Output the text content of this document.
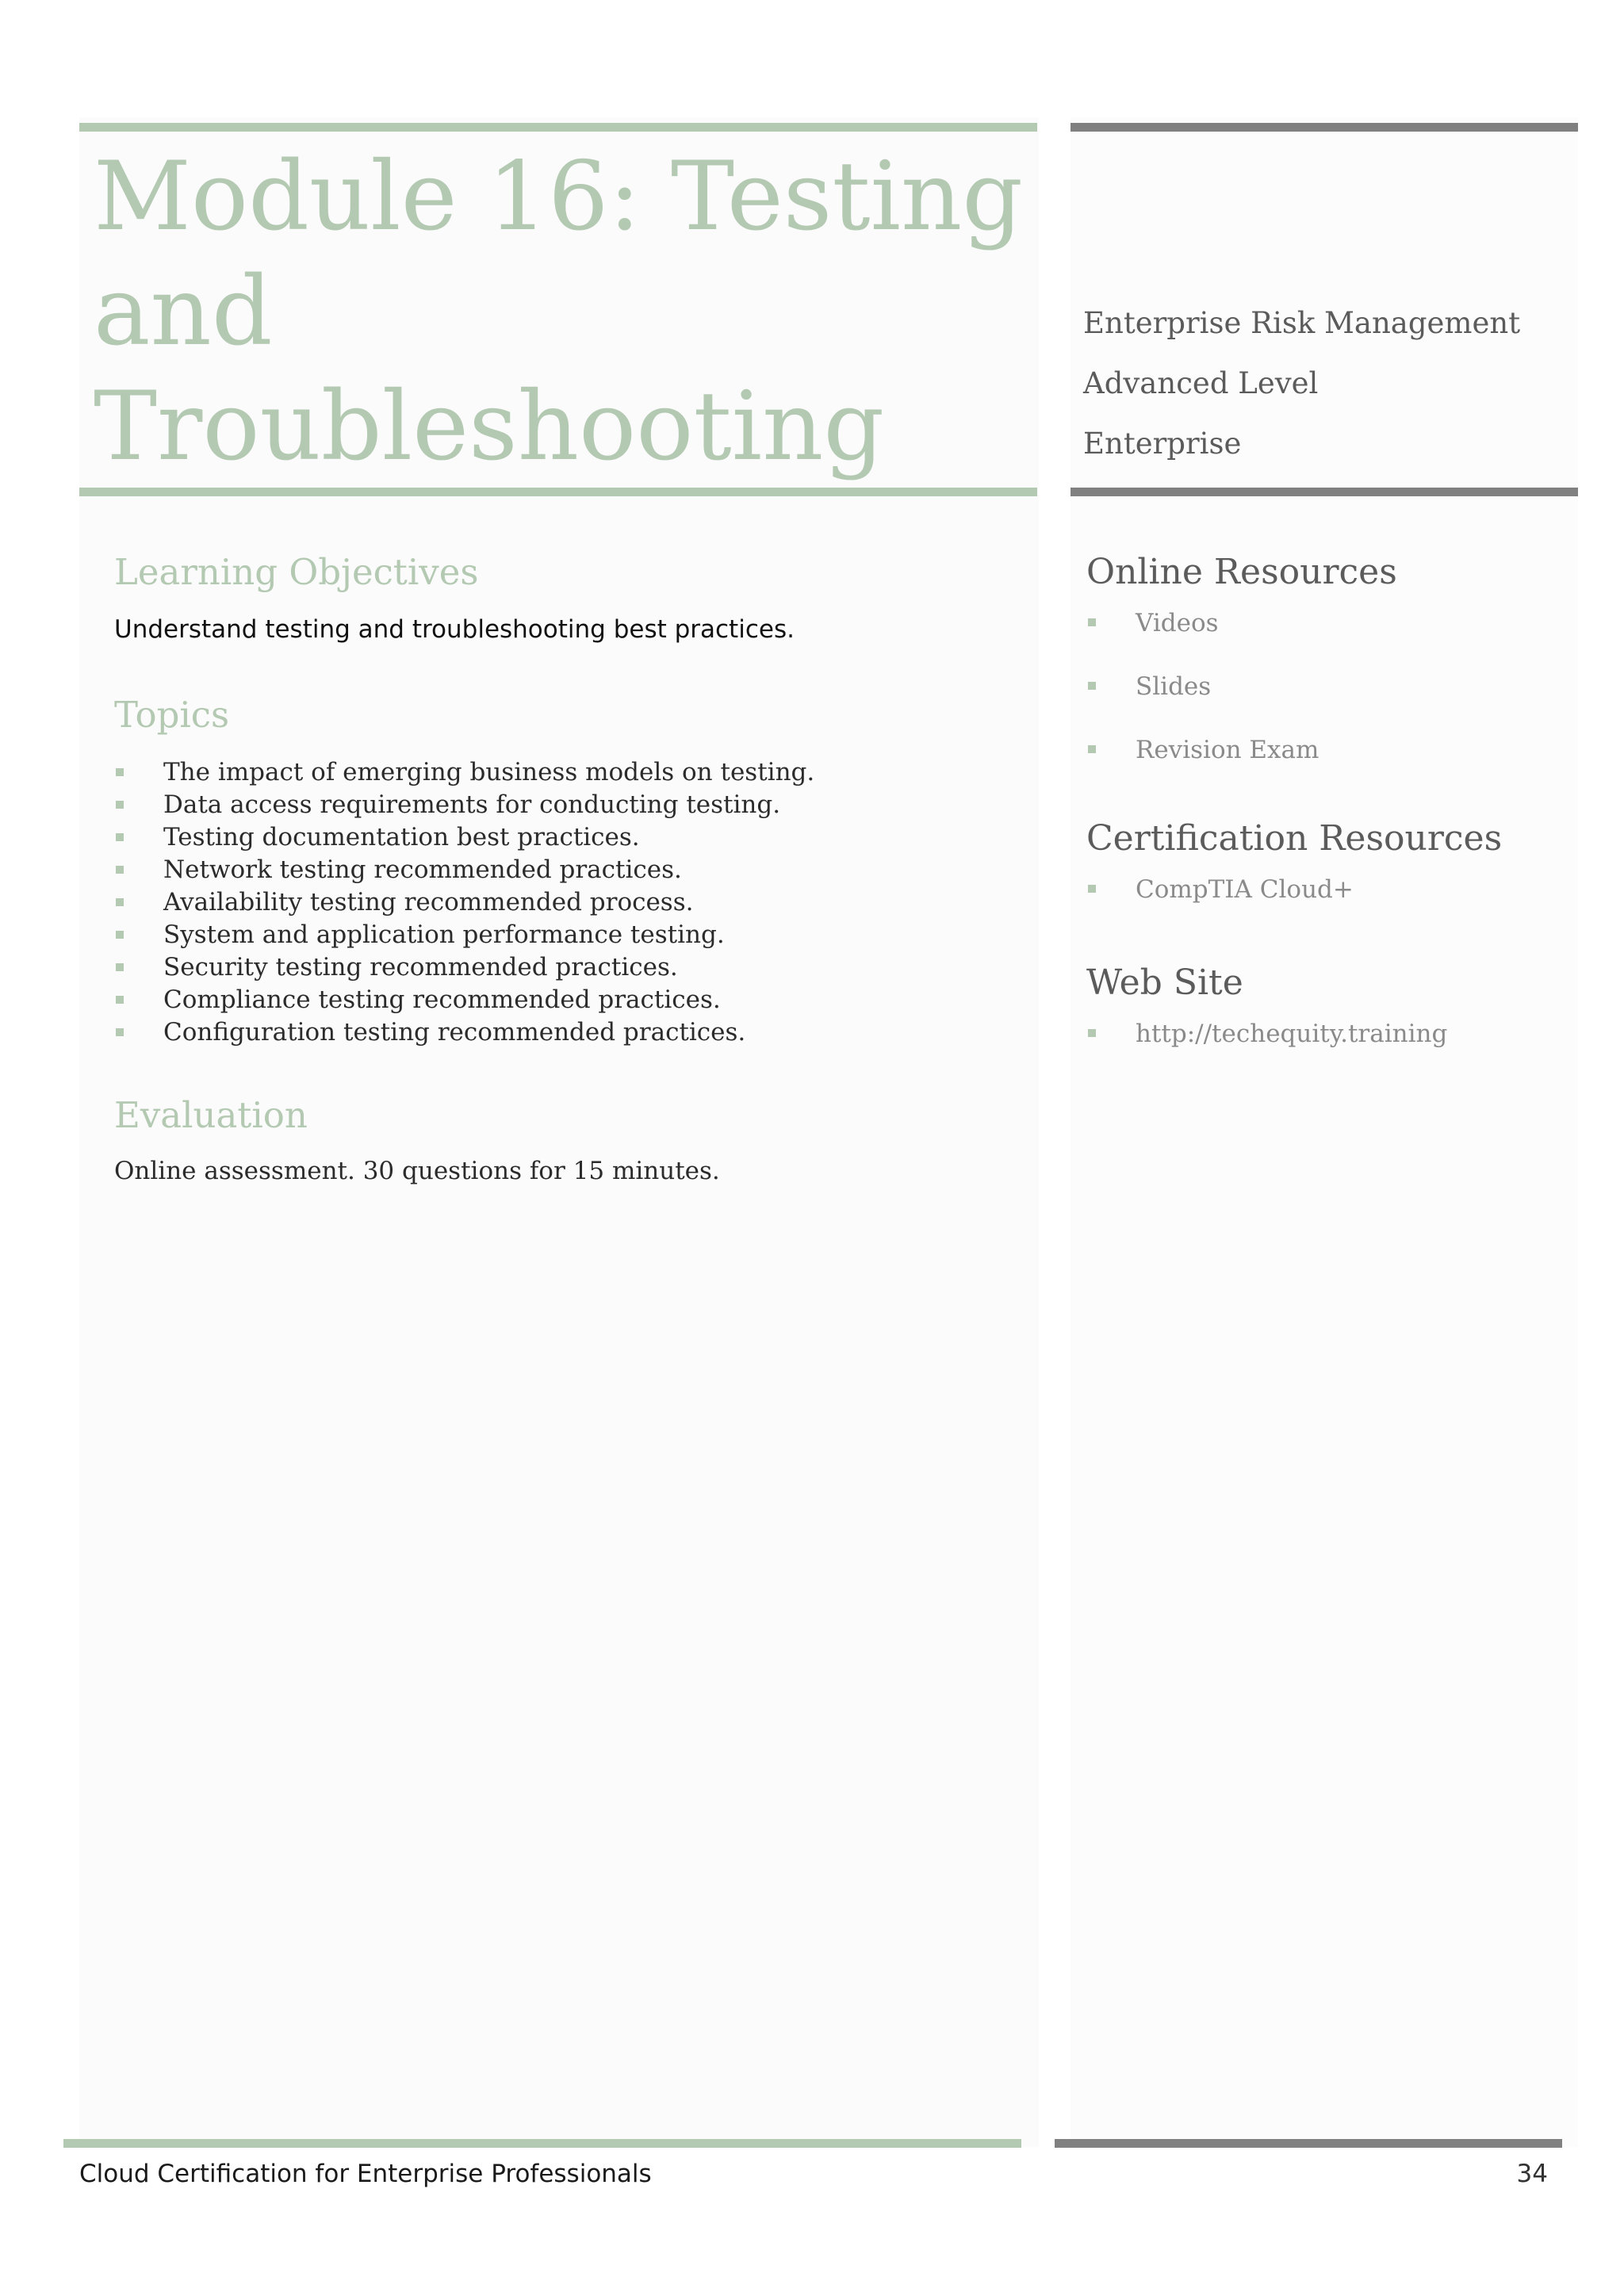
Module 16: Testing
and
Troubleshooting
Enterprise Risk Management
Advanced Level
Enterprise
Learning Objectives

Understand testing and troubleshooting best practices.

Topics
The impact of emerging business models on testing.
Data access requirements for conducting testing.
Testing documentation best practices.
Network testing recommended practices.
Availability testing recommended process.
System and application performance testing.
Security testing recommended practices.
Compliance testing recommended practices.
Configuration testing recommended practices.
Evaluation

Online assessment. 30 questions for 15 minutes.

Online Resources
Videos
Slides
Revision Exam
Certification Resources
CompTIA Cloud+
Web Site
http://techequity.training
Cloud Certification for Enterprise Professionals	34
